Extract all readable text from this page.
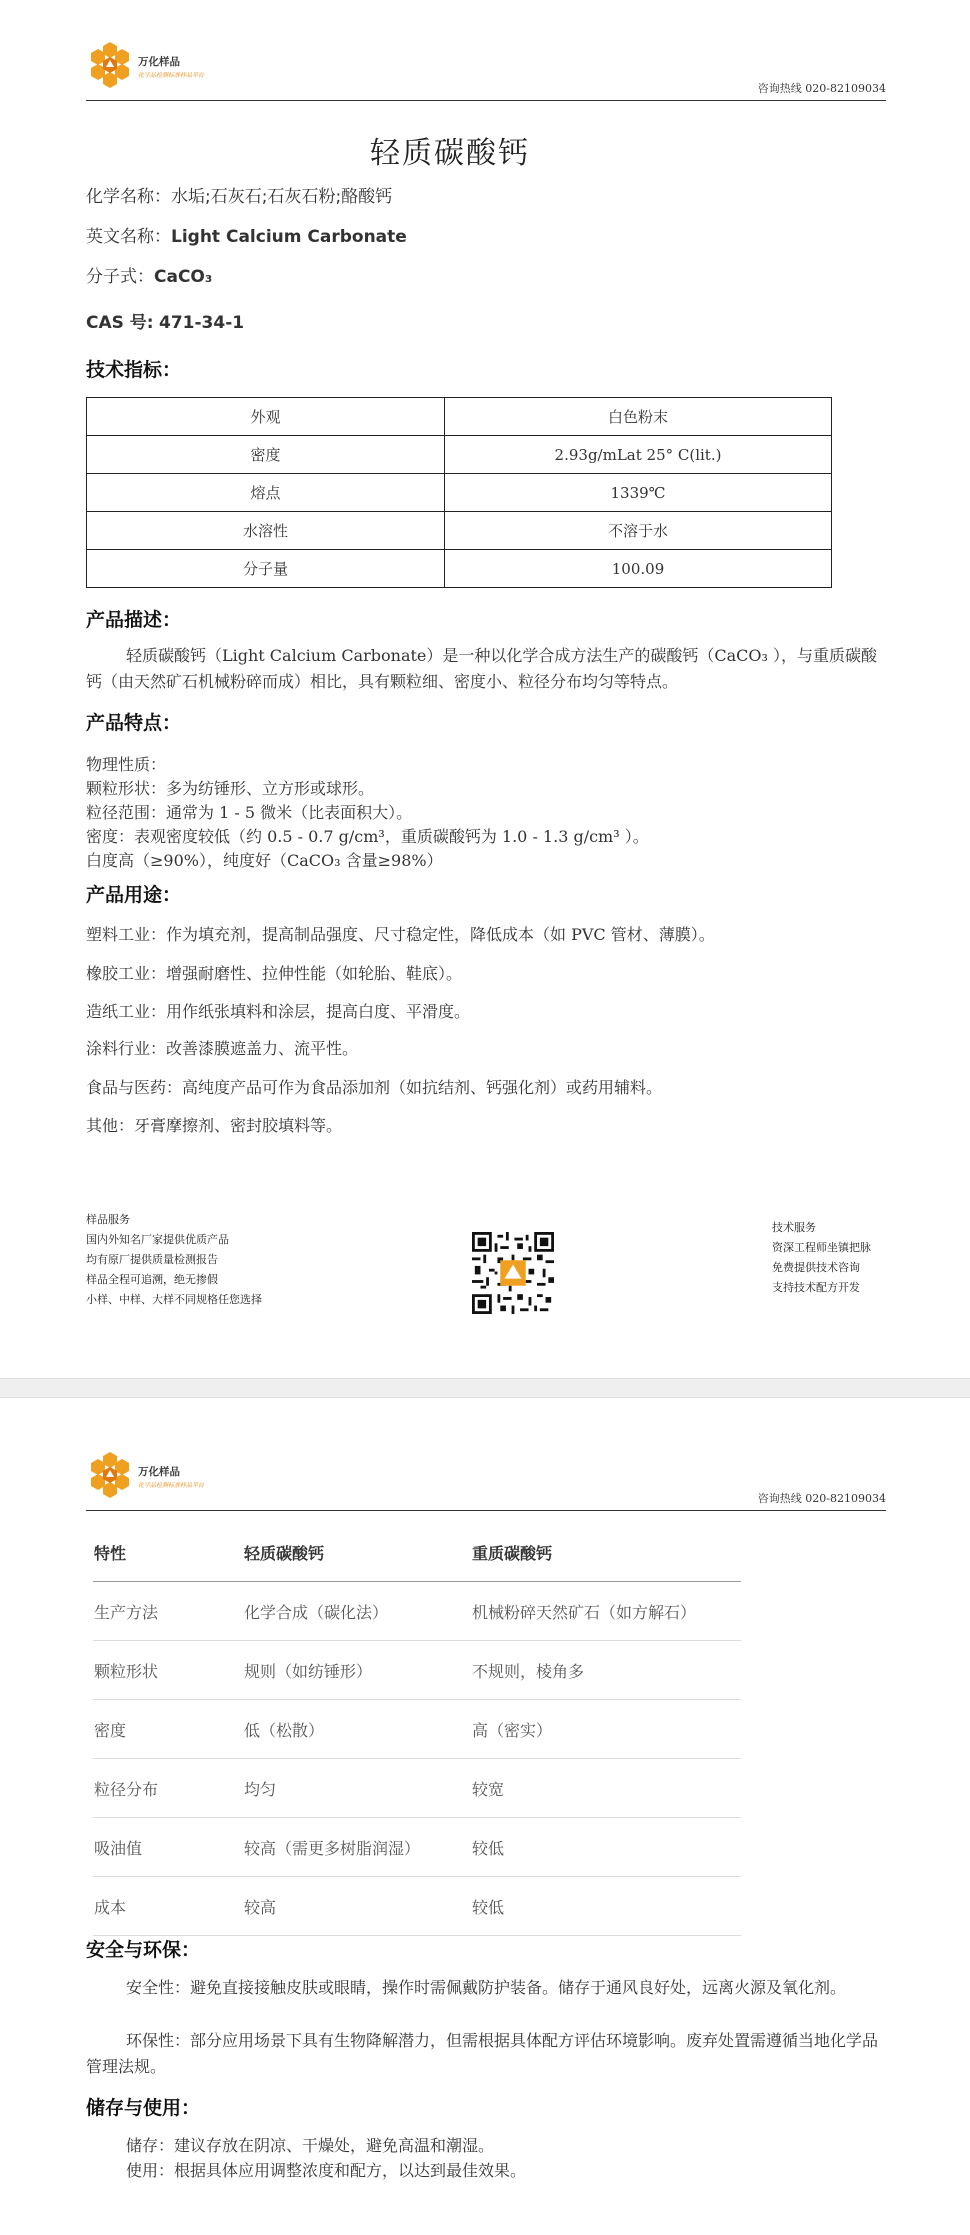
万化样品
化学品检测标准样品平台
咨询热线 020-82109034
轻质碳酸钙
化学名称：水垢;石灰石;石灰石粉;酪酸钙
英文名称：Light Calcium Carbonate
分子式：CaCO₃
CAS 号: 471-34-1
技术指标：
外观	白色粉末
密度	2.93g/mLat 25° C(lit.)
熔点	1339℃
水溶性	不溶于水
分子量	100.09
产品描述：
轻质碳酸钙（Light Calcium Carbonate）是一种以化学合成方法生产的碳酸钙（CaCO₃ ），与重质碳酸钙（由天然矿石机械粉碎而成）相比，具有颗粒细、密度小、粒径分布均匀等特点。
产品特点：
物理性质：
颗粒形状：多为纺锤形、立方形或球形。
粒径范围：通常为 1 - 5 微米（比表面积大）。
密度：表观密度较低（约 0.5 - 0.7 g/cm³，重质碳酸钙为 1.0 - 1.3 g/cm³ ）。
白度高（≥90%），纯度好（CaCO₃ 含量≥98%）
产品用途：
塑料工业：作为填充剂，提高制品强度、尺寸稳定性，降低成本（如 PVC 管材、薄膜）。
橡胶工业：增强耐磨性、拉伸性能（如轮胎、鞋底）。
造纸工业：用作纸张填料和涂层，提高白度、平滑度。
涂料行业：改善漆膜遮盖力、流平性。
食品与医药：高纯度产品可作为食品添加剂（如抗结剂、钙强化剂）或药用辅料。
其他：牙膏摩擦剂、密封胶填料等。
样品服务
国内外知名厂家提供优质产品
均有原厂提供质量检测报告
样品全程可追溯，绝无掺假
小样、中样、大样不同规格任您选择
技术服务
资深工程师坐镇把脉
免费提供技术咨询
支持技术配方开发
万化样品
化学品检测标准样品平台
咨询热线 020-82109034
特性	轻质碳酸钙	重质碳酸钙
生产方法	化学合成（碳化法）	机械粉碎天然矿石（如方解石）
颗粒形状	规则（如纺锤形）	不规则，棱角多
密度	低（松散）	高（密实）
粒径分布	均匀	较宽
吸油值	较高（需更多树脂润湿）	较低
成本	较高	较低
安全与环保：
安全性：避免直接接触皮肤或眼睛，操作时需佩戴防护装备。储存于通风良好处，远离火源及氧化剂。
环保性：部分应用场景下具有生物降解潜力，但需根据具体配方评估环境影响。废弃处置需遵循当地化学品管理法规。
储存与使用：
储存：建议存放在阴凉、干燥处，避免高温和潮湿。
使用：根据具体应用调整浓度和配方，以达到最佳效果。
